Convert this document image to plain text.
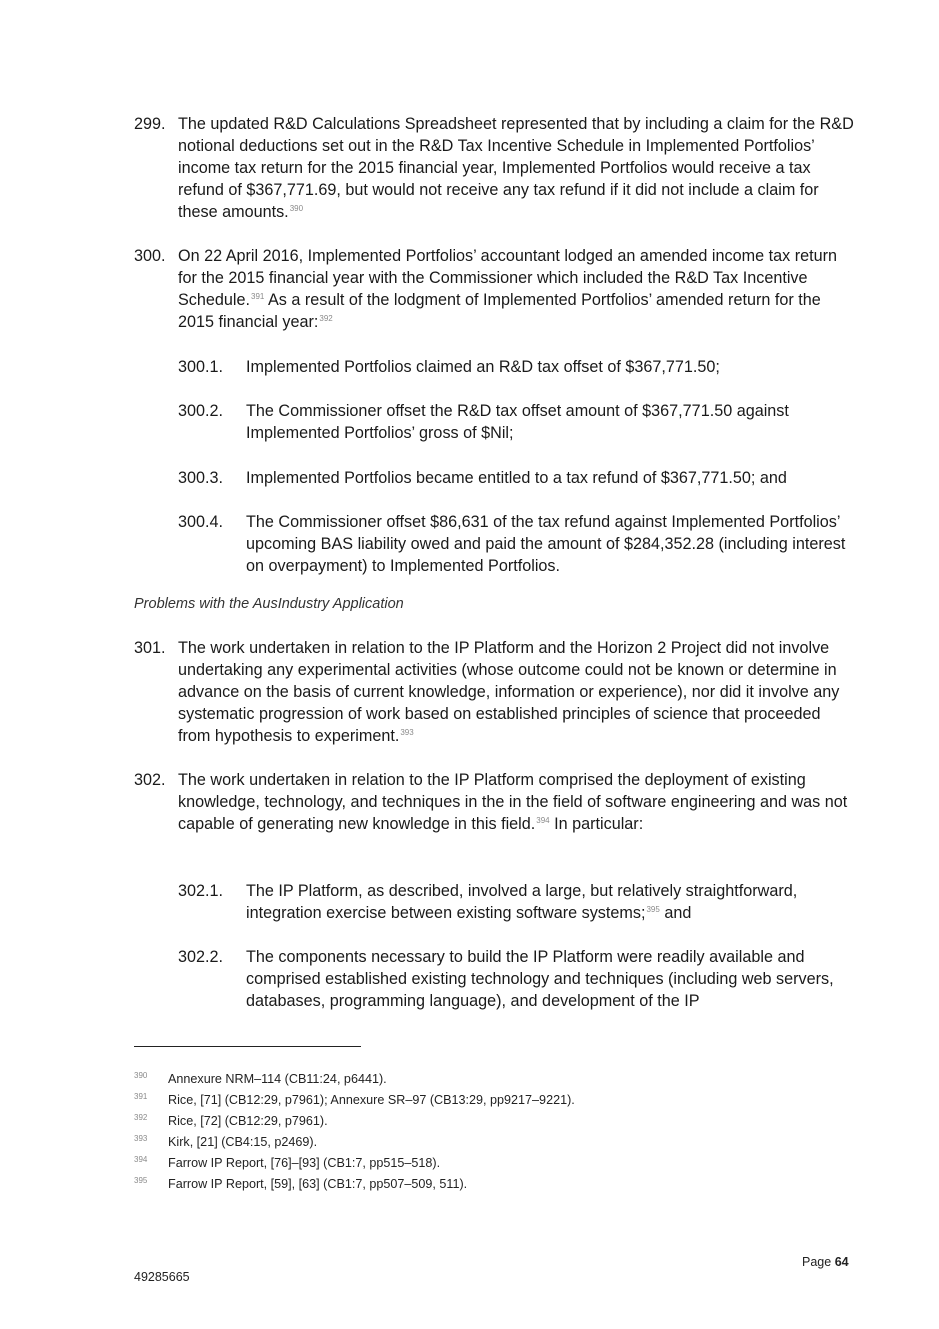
299. The updated R&D Calculations Spreadsheet represented that by including a claim for the R&D notional deductions set out in the R&D Tax Incentive Schedule in Implemented Portfolios’ income tax return for the 2015 financial year, Implemented Portfolios would receive a tax refund of $367,771.69, but would not receive any tax refund if it did not include a claim for these amounts.$^{390}$
300. On 22 April 2016, Implemented Portfolios’ accountant lodged an amended income tax return for the 2015 financial year with the Commissioner which included the R&D Tax Incentive Schedule.$^{391}$ As a result of the lodgment of Implemented Portfolios’ amended return for the 2015 financial year:$^{392}$
300.1. Implemented Portfolios claimed an R&D tax offset of $367,771.50;
300.2. The Commissioner offset the R&D tax offset amount of $367,771.50 against Implemented Portfolios’ gross of $Nil;
300.3. Implemented Portfolios became entitled to a tax refund of $367,771.50; and
300.4. The Commissioner offset $86,631 of the tax refund against Implemented Portfolios’ upcoming BAS liability owed and paid the amount of $284,352.28 (including interest on overpayment) to Implemented Portfolios.
Problems with the AusIndustry Application
301. The work undertaken in relation to the IP Platform and the Horizon 2 Project did not involve undertaking any experimental activities (whose outcome could not be known or determine in advance on the basis of current knowledge, information or experience), nor did it involve any systematic progression of work based on established principles of science that proceeded from hypothesis to experiment.$^{393}$
302. The work undertaken in relation to the IP Platform comprised the deployment of existing knowledge, technology, and techniques in the in the field of software engineering and was not capable of generating new knowledge in this field.$^{394}$ In particular:
302.1. The IP Platform, as described, involved a large, but relatively straightforward, integration exercise between existing software systems;$^{395}$ and
302.2. The components necessary to build the IP Platform were readily available and comprised established existing technology and techniques (including web servers, databases, programming language), and development of the IP
390 Annexure NRM–114 (CB11:24, p6441).
391 Rice, [71] (CB12:29, p7961); Annexure SR–97 (CB13:29, pp9217–9221).
392 Rice, [72] (CB12:29, p7961).
393 Kirk, [21] (CB4:15, p2469).
394 Farrow IP Report, [76]–[93] (CB1:7, pp515–518).
395 Farrow IP Report, [59], [63] (CB1:7, pp507–509, 511).
Page 64
49285665
